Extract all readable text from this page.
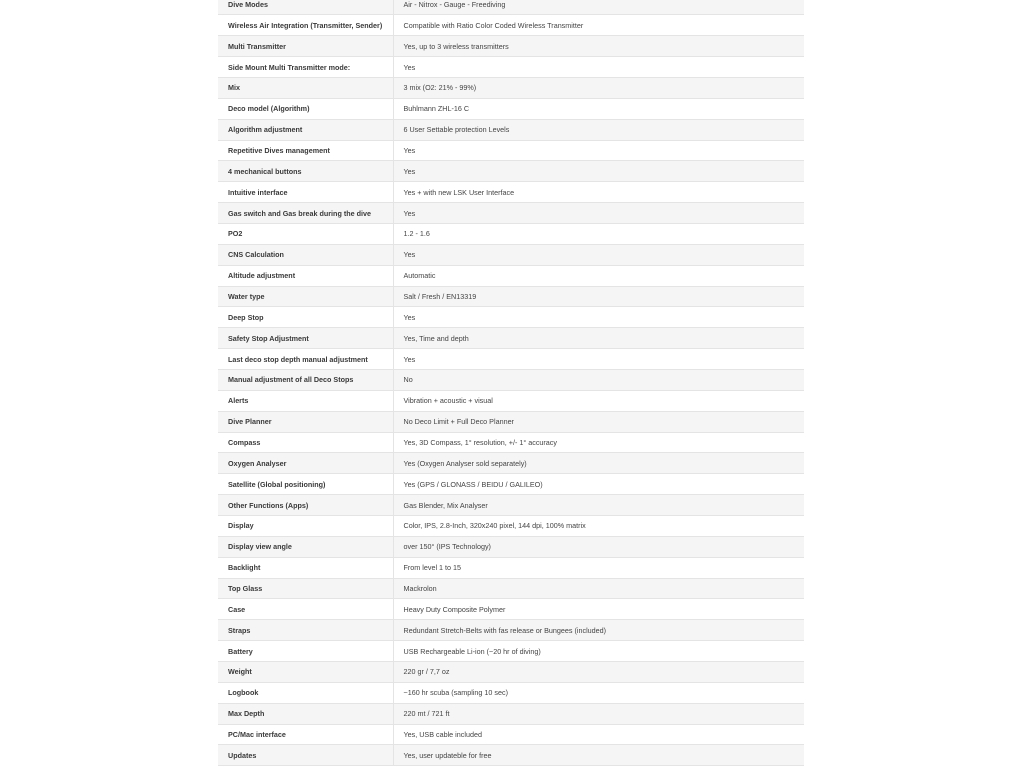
Dive Modes	Air - Nitrox - Gauge - Freediving
Wireless Air Integration (Transmitter, Sender)	Compatible with Ratio Color Coded Wireless Transmitter
Multi Transmitter	Yes, up to 3 wireless transmitters
Side Mount Multi Transmitter mode:	Yes
Mix	3 mix (O2: 21% - 99%)
Deco model (Algorithm)	Buhlmann ZHL-16 C
Algorithm adjustment	6 User Settable protection Levels
Repetitive Dives management	Yes
4 mechanical buttons	Yes
Intuitive interface	Yes + with new LSK User Interface
Gas switch and Gas break during the dive	Yes
PO2	1.2 - 1.6
CNS Calculation	Yes
Altitude adjustment	Automatic
Water type	Salt / Fresh / EN13319
Deep Stop	Yes
Safety Stop Adjustment	Yes, Time and depth
Last deco stop depth manual adjustment	Yes
Manual adjustment of all Deco Stops	No
Alerts	Vibration + acoustic + visual
Dive Planner	No Deco Limit + Full Deco Planner
Compass	Yes, 3D Compass, 1° resolution, +/- 1° accuracy
Oxygen Analyser	Yes (Oxygen Analyser sold separately)
Satellite (Global positioning)	Yes (GPS / GLONASS / BEIDU / GALILEO)
Other Functions (Apps)	Gas Blender, Mix Analyser
Display	Color, IPS, 2.8-Inch, 320x240 pixel, 144 dpi, 100% matrix
Display view angle	over 150° (IPS Technology)
Backlight	From level 1 to 15
Top Glass	Mackrolon
Case	Heavy Duty Composite Polymer
Straps	Redundant Stretch-Belts with fas release or Bungees (included)
Battery	USB Rechargeable Li-ion (~20 hr of diving)
Weight	220 gr / 7,7 oz
Logbook	~160 hr scuba (sampling 10 sec)
Max Depth	220 mt / 721 ft
PC/Mac interface	Yes, USB cable included
Updates	Yes, user updateble for free
